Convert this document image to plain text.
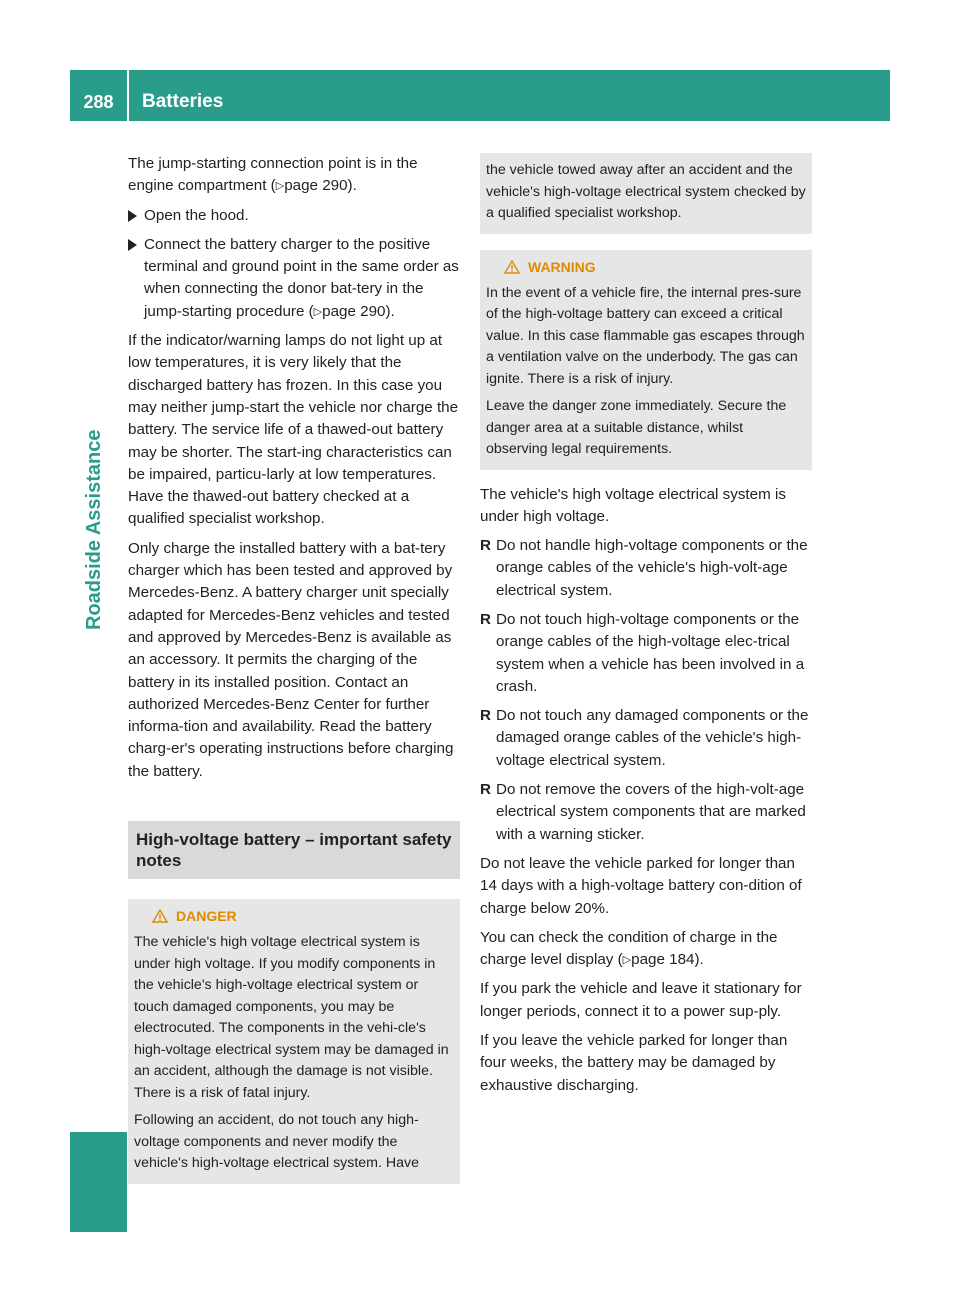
288	Batteries
Roadside Assistance

The jump-starting connection point is in the engine compartment (▷page 290).

Open the hood.
Connect the battery charger to the positive terminal and ground point in the same order as when connecting the donor bat-tery in the jump-starting procedure (▷page 290).

If the indicator/warning lamps do not light up at low temperatures, it is very likely that the discharged battery has frozen. In this case you may neither jump-start the vehicle nor charge the battery. The service life of a thawed-out battery may be shorter. The start-ing characteristics can be impaired, particu-larly at low temperatures. Have the thawed-out battery checked at a qualified specialist workshop.

Only charge the installed battery with a bat-tery charger which has been tested and approved by Mercedes-Benz. A battery charger unit specially adapted for Mercedes-Benz vehicles and tested and approved by Mercedes-Benz is available as an accessory. It permits the charging of the battery in its installed position. Contact an authorized Mercedes-Benz Center for further informa-tion and availability. Read the battery charg-er's operating instructions before charging the battery.

High-voltage battery – important safety notes
DANGER

The vehicle's high voltage electrical system is under high voltage. If you modify components in the vehicle's high-voltage electrical system or touch damaged components, you may be electrocuted. The components in the vehi-cle's high-voltage electrical system may be damaged in an accident, although the damage is not visible. There is a risk of fatal injury.

Following an accident, do not touch any high-voltage components and never modify the vehicle's high-voltage electrical system. Have

the vehicle towed away after an accident and the vehicle's high-voltage electrical system checked by a qualified specialist workshop.

WARNING

In the event of a vehicle fire, the internal pres-sure of the high-voltage battery can exceed a critical value. In this case flammable gas escapes through a ventilation valve on the underbody. The gas can ignite. There is a risk of injury.

Leave the danger zone immediately. Secure the danger area at a suitable distance, whilst observing legal requirements.

The vehicle's high voltage electrical system is under high voltage.

R Do not handle high-voltage components or the orange cables of the vehicle's high-volt-age electrical system.
R Do not touch high-voltage components or the orange cables of the high-voltage elec-trical system when a vehicle has been involved in a crash.
R Do not touch any damaged components or the damaged orange cables of the vehicle's high-voltage electrical system.
R Do not remove the covers of the high-volt-age electrical system components that are marked with a warning sticker.

Do not leave the vehicle parked for longer than 14 days with a high-voltage battery con-dition of charge below 20%.

You can check the condition of charge in the charge level display (▷page 184).

If you park the vehicle and leave it stationary for longer periods, connect it to a power sup-ply.

If you leave the vehicle parked for longer than four weeks, the battery may be damaged by exhaustive discharging.
